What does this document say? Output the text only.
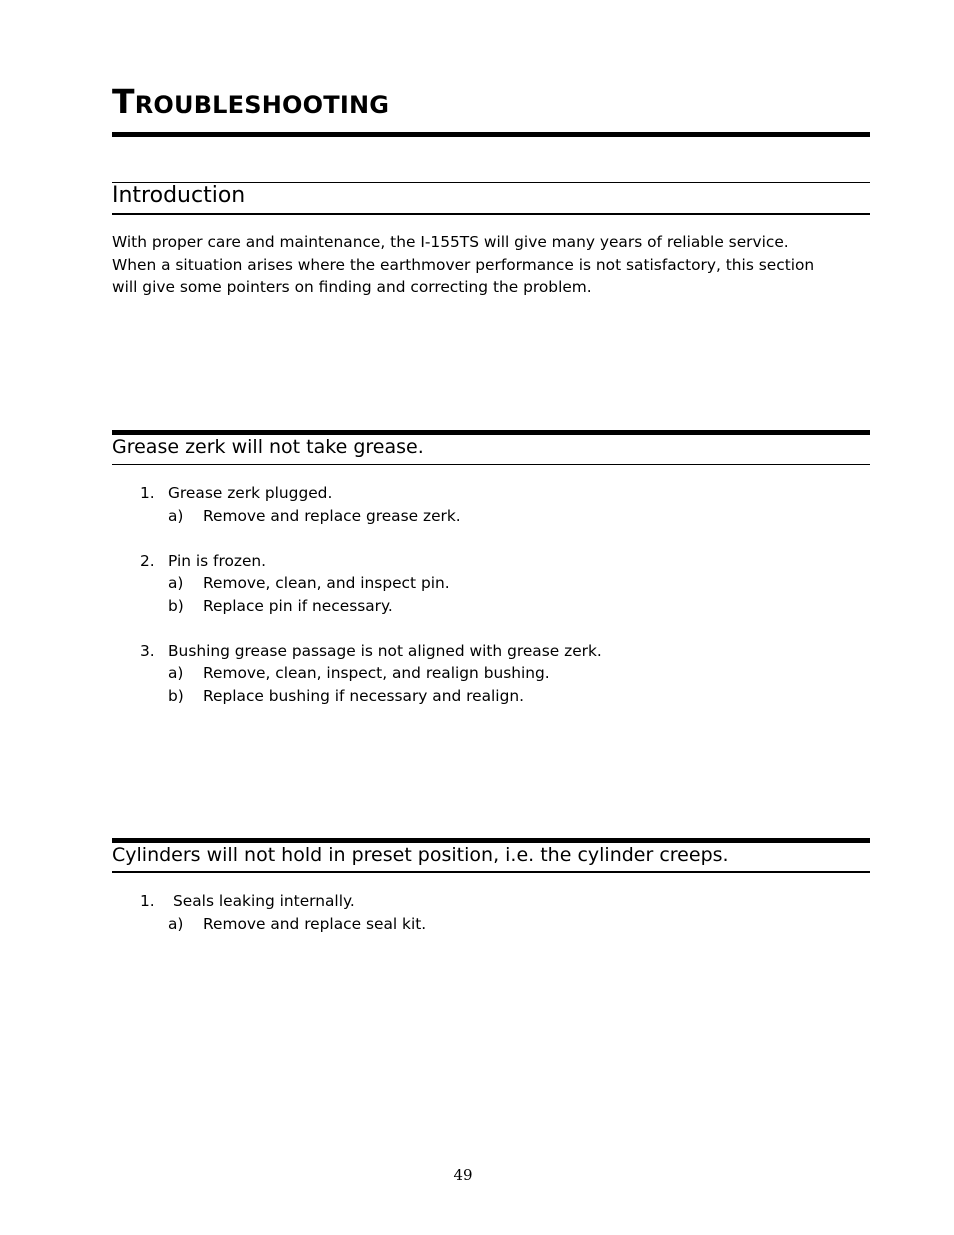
TROUBLESHOOTING
Introduction
With proper care and maintenance, the I-155TS will give many years of reliable service.
When a situation arises where the earthmover performance is not satisfactory, this section
will give some pointers on finding and correcting the problem.
Grease zerk will not take grease.
1. Grease zerk plugged.
a) Remove and replace grease zerk.
2. Pin is frozen.
a) Remove, clean, and inspect pin.
b) Replace pin if necessary.
3. Bushing grease passage is not aligned with grease zerk.
a) Remove, clean, inspect, and realign bushing.
b) Replace bushing if necessary and realign.
Cylinders will not hold in preset position, i.e. the cylinder creeps.
1. Seals leaking internally.
a) Remove and replace seal kit.
49
